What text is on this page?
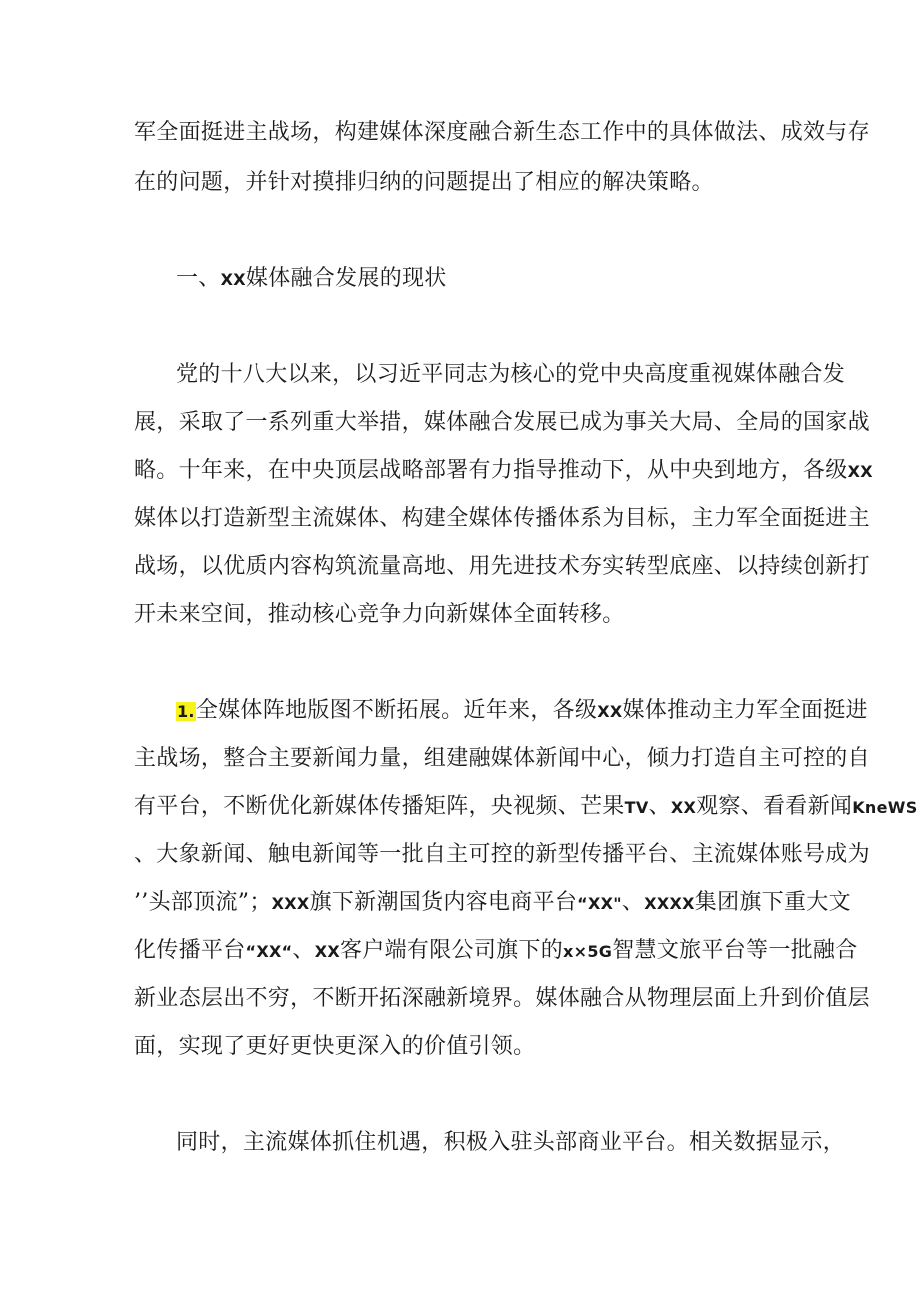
军全面挺进主战场，构建媒体深度融合新生态工作中的具体做法、成效与存
在的问题，并针对摸排归纳的问题提出了相应的解决策略。
一、XX媒体融合发展的现状
党的十八大以来，以习近平同志为核心的党中央高度重视媒体融合发
展，采取了一系列重大举措，媒体融合发展已成为事关大局、全局的国家战
略。十年来，在中央顶层战略部署有力指导推动下，从中央到地方，各级XX
媒体以打造新型主流媒体、构建全媒体传播体系为目标，主力军全面挺进主
战场，以优质内容构筑流量高地、用先进技术夯实转型底座、以持续创新打
开未来空间，推动核心竞争力向新媒体全面转移。
1.全媒体阵地版图不断拓展。近年来，各级XX媒体推动主力军全面挺进
主战场，整合主要新闻力量，组建融媒体新闻中心，倾力打造自主可控的自
有平台，不断优化新媒体传播矩阵，央视频、芒果TV、XX观察、看看新闻KneWS
、大象新闻、触电新闻等一批自主可控的新型传播平台、主流媒体账号成为
’’头部顶流”；XXX旗下新潮国货内容电商平台“XX"、XXXX集团旗下重大文
化传播平台“XX“、XX客户端有限公司旗下的x×5G智慧文旅平台等一批融合
新业态层出不穷，不断开拓深融新境界。媒体融合从物理层面上升到价值层
面，实现了更好更快更深入的价值引领。
同时，主流媒体抓住机遇，积极入驻头部商业平台。相关数据显示，
